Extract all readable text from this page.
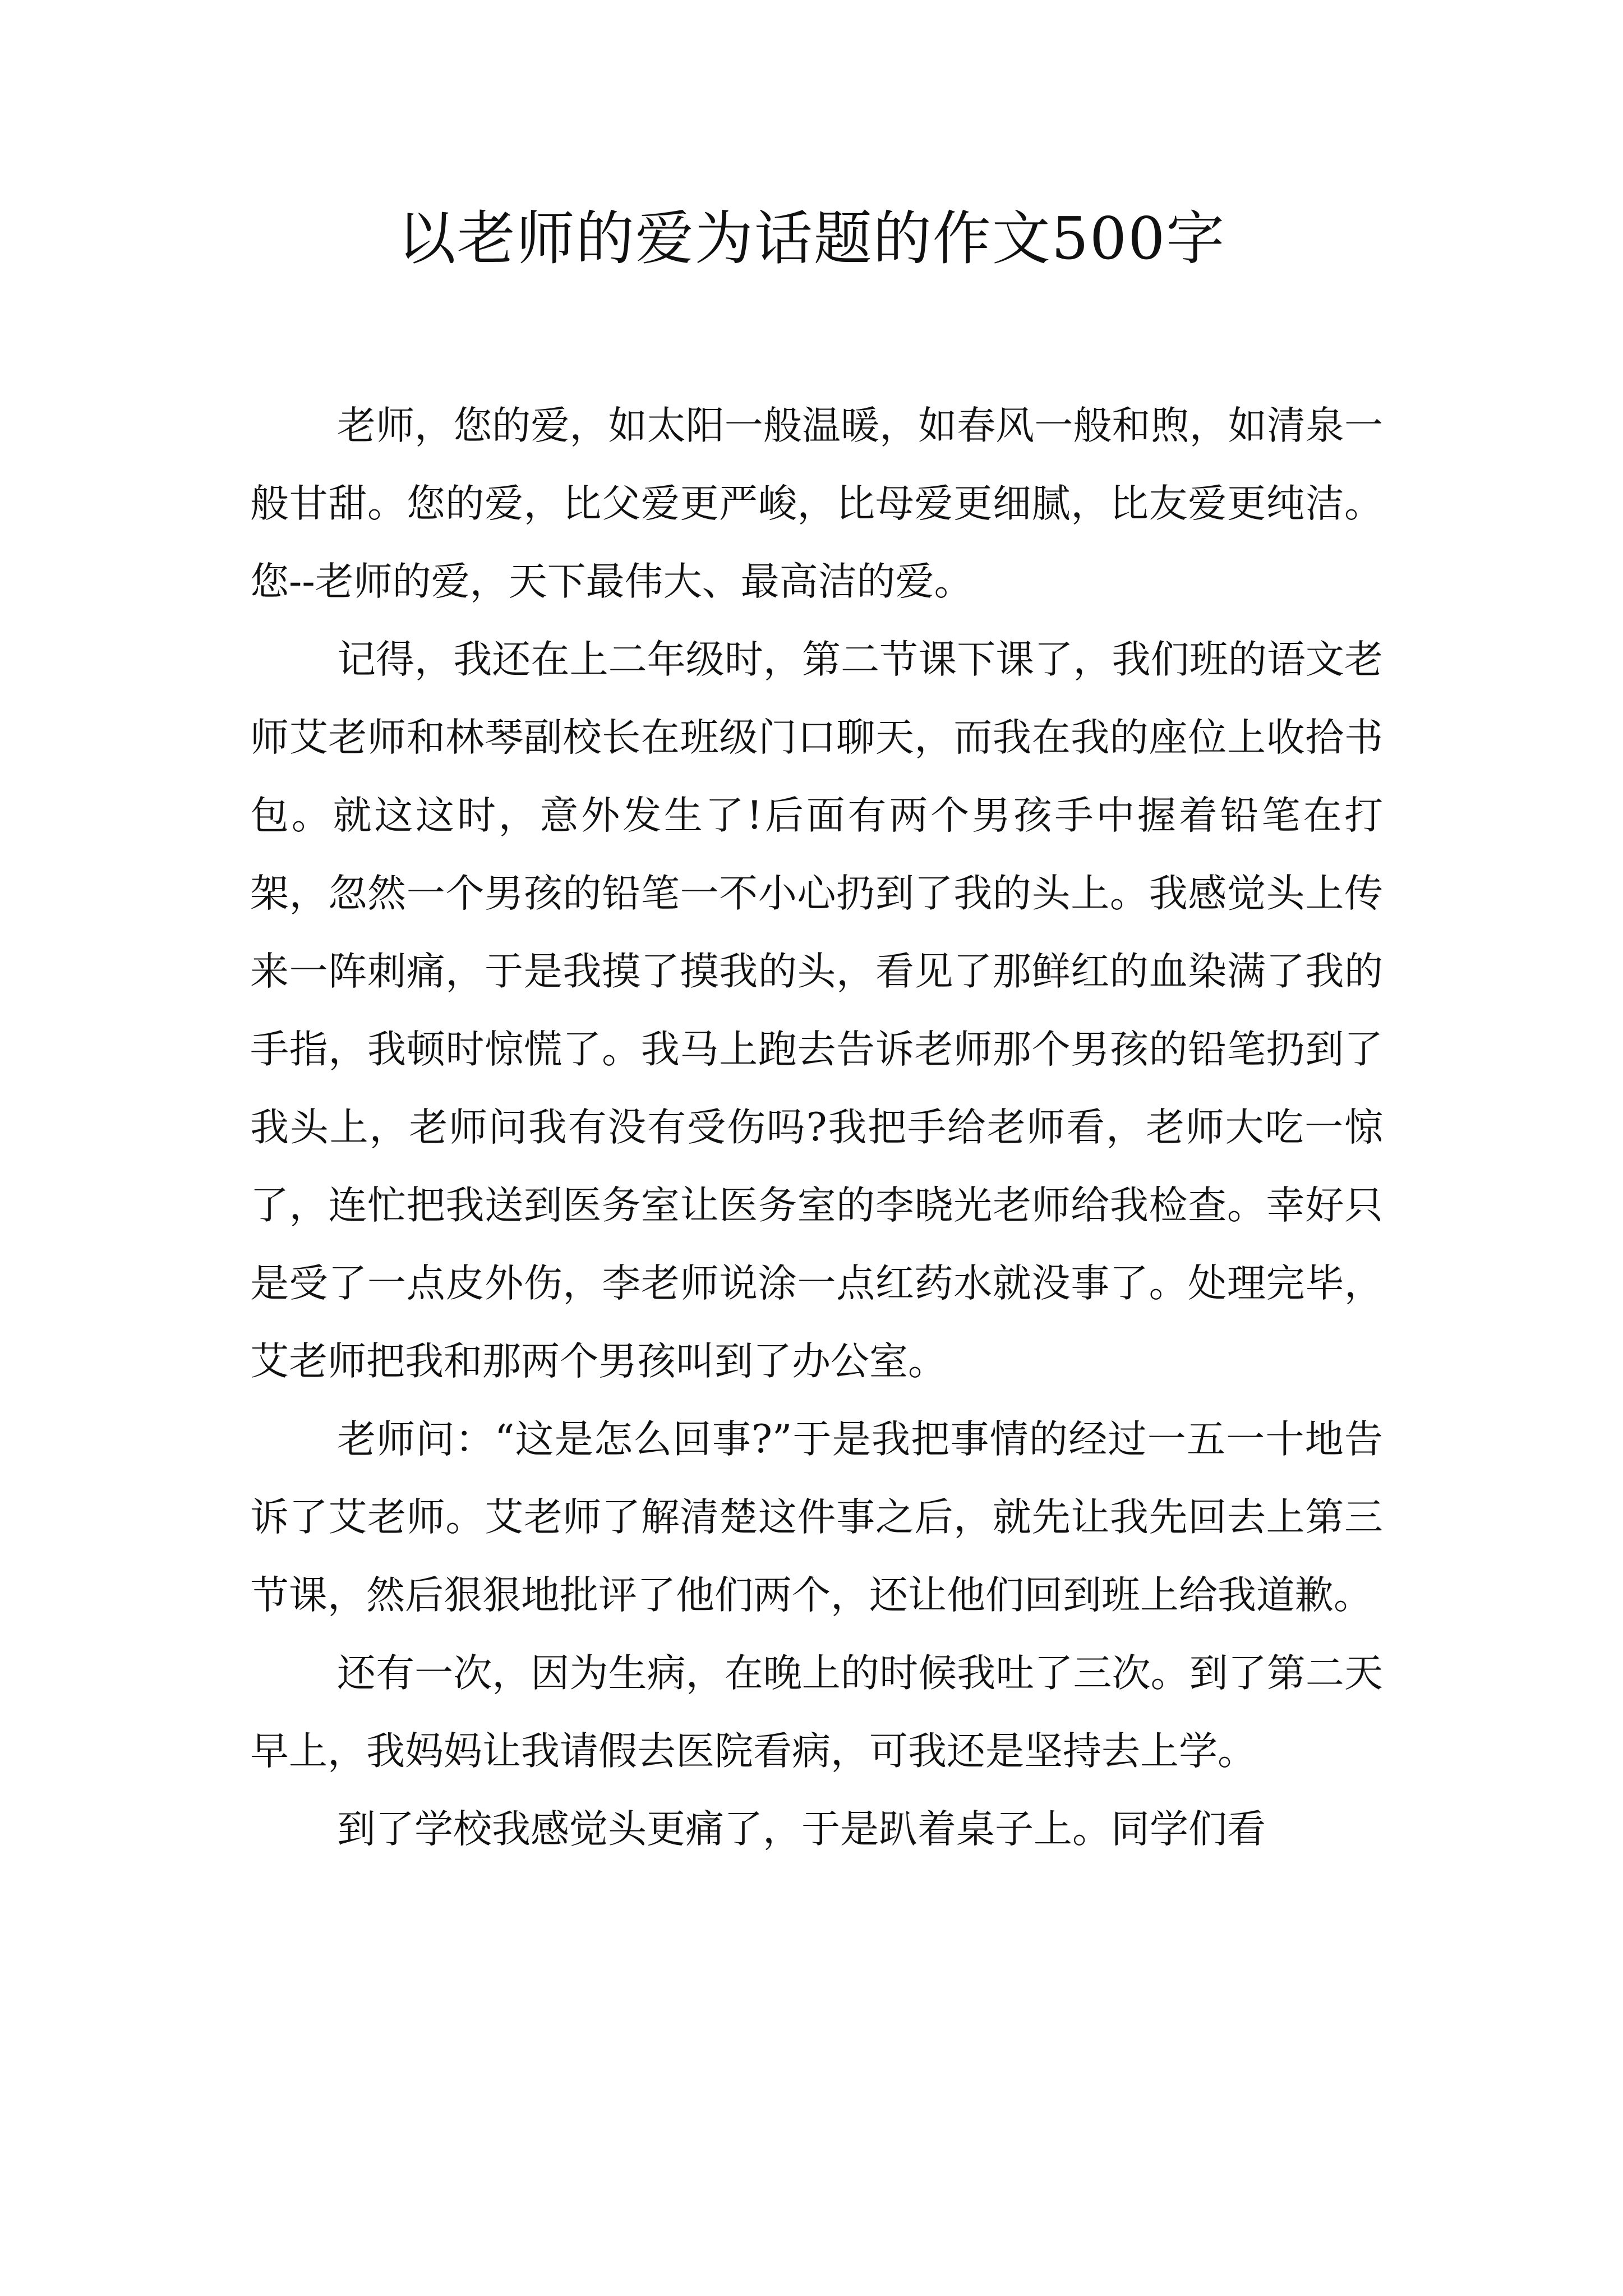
以老师的爱为话题的作文500字

老师，您的爱，如太阳一般温暖，如春风一般和煦，如清泉一般甘甜。您的爱，比父爱更严峻，比母爱更细腻，比友爱更纯洁。您--老师的爱，天下最伟大、最高洁的爱。

记得，我还在上二年级时，第二节课下课了，我们班的语文老师艾老师和林琴副校长在班级门口聊天，而我在我的座位上收拾书包。就这这时，意外发生了!后面有两个男孩手中握着铅笔在打架，忽然一个男孩的铅笔一不小心扔到了我的头上。我感觉头上传来一阵刺痛，于是我摸了摸我的头，看见了那鲜红的血染满了我的手指，我顿时惊慌了。我马上跑去告诉老师那个男孩的铅笔扔到了我头上，老师问我有没有受伤吗?我把手给老师看，老师大吃一惊了，连忙把我送到医务室让医务室的李晓光老师给我检查。幸好只是受了一点皮外伤，李老师说涂一点红药水就没事了。处理完毕，艾老师把我和那两个男孩叫到了办公室。

老师问：“这是怎么回事?”于是我把事情的经过一五一十地告诉了艾老师。艾老师了解清楚这件事之后，就先让我先回去上第三节课，然后狠狠地批评了他们两个，还让他们回到班上给我道歉。

还有一次，因为生病，在晚上的时候我吐了三次。到了第二天早上，我妈妈让我请假去医院看病，可我还是坚持去上学。

到了学校我感觉头更痛了，于是趴着桌子上。同学们看
